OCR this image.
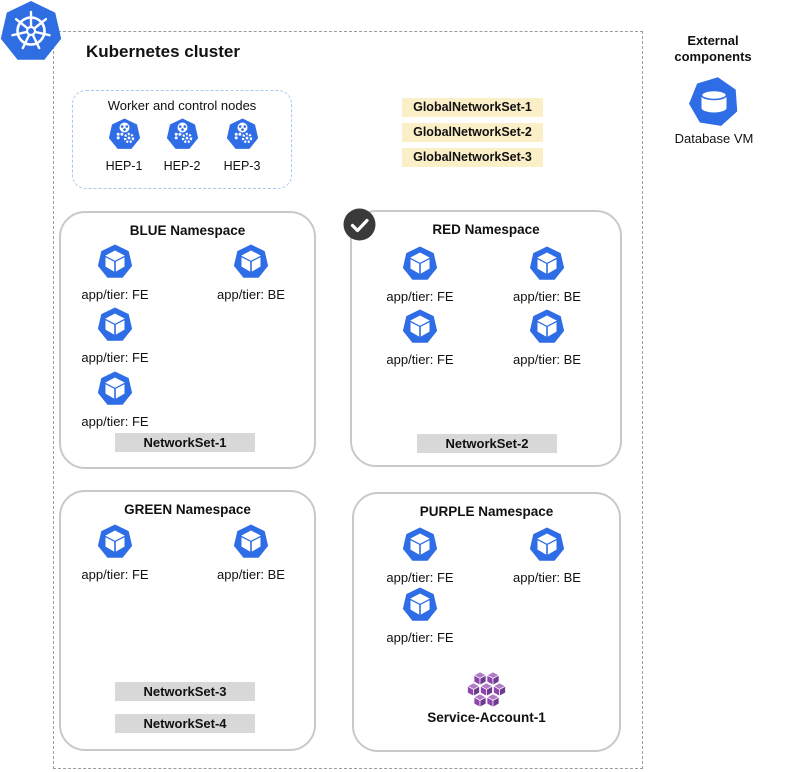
Kubernetes cluster
Worker and control nodes
HEP-1	HEP-2	HEP-3
GlobalNetworkSet-1
GlobalNetworkSet-2
GlobalNetworkSet-3
External components
Database VM
BLUE Namespace
app/tier: FE	app/tier: BE
app/tier: FE
app/tier: FE
NetworkSet-1
RED Namespace
app/tier: FE	app/tier: BE
app/tier: FE	app/tier: BE
NetworkSet-2
GREEN Namespace
app/tier: FE	app/tier: BE
NetworkSet-3
NetworkSet-4
PURPLE Namespace
app/tier: FE	app/tier: BE
app/tier: FE
Service-Account-1
